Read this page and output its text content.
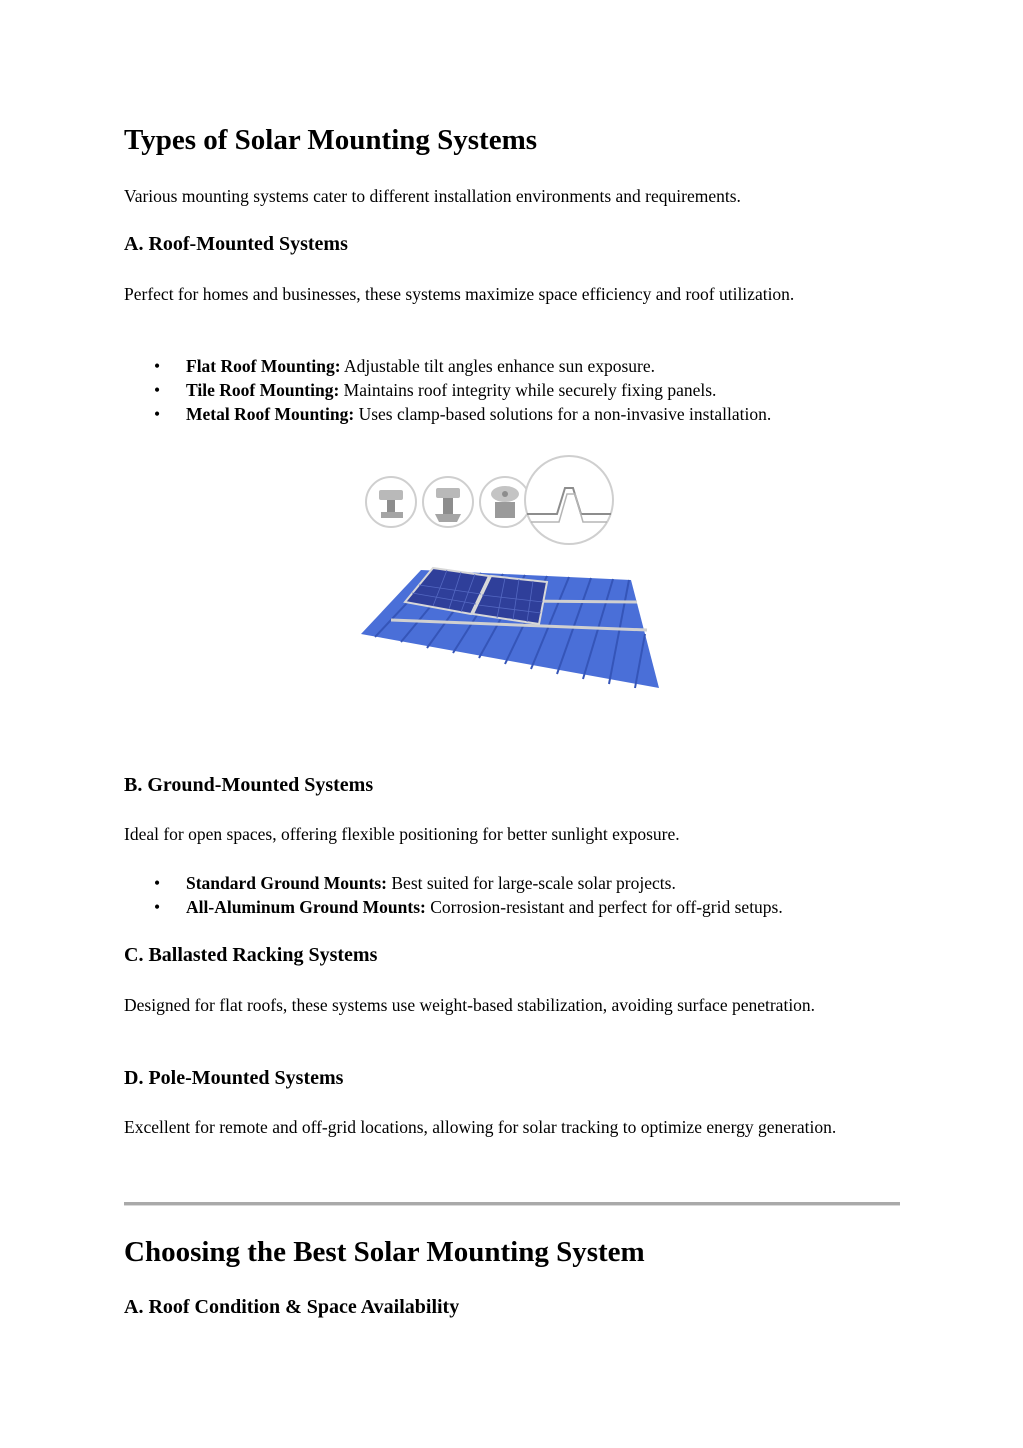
Types of Solar Mounting Systems

Various mounting systems cater to different installation environments and requirements.

A. Roof-Mounted Systems

Perfect for homes and businesses, these systems maximize space efficiency and roof utilization.

• Flat Roof Mounting: Adjustable tilt angles enhance sun exposure.
• Tile Roof Mounting: Maintains roof integrity while securely fixing panels.
• Metal Roof Mounting: Uses clamp-based solutions for a non-invasive installation.
B. Ground-Mounted Systems

Ideal for open spaces, offering flexible positioning for better sunlight exposure.

• Standard Ground Mounts: Best suited for large-scale solar projects.
• All-Aluminum Ground Mounts: Corrosion-resistant and perfect for off-grid setups.
C. Ballasted Racking Systems

Designed for flat roofs, these systems use weight-based stabilization, avoiding surface penetration.

D. Pole-Mounted Systems

Excellent for remote and off-grid locations, allowing for solar tracking to optimize energy generation.

Choosing the Best Solar Mounting System
A. Roof Condition & Space Availability
